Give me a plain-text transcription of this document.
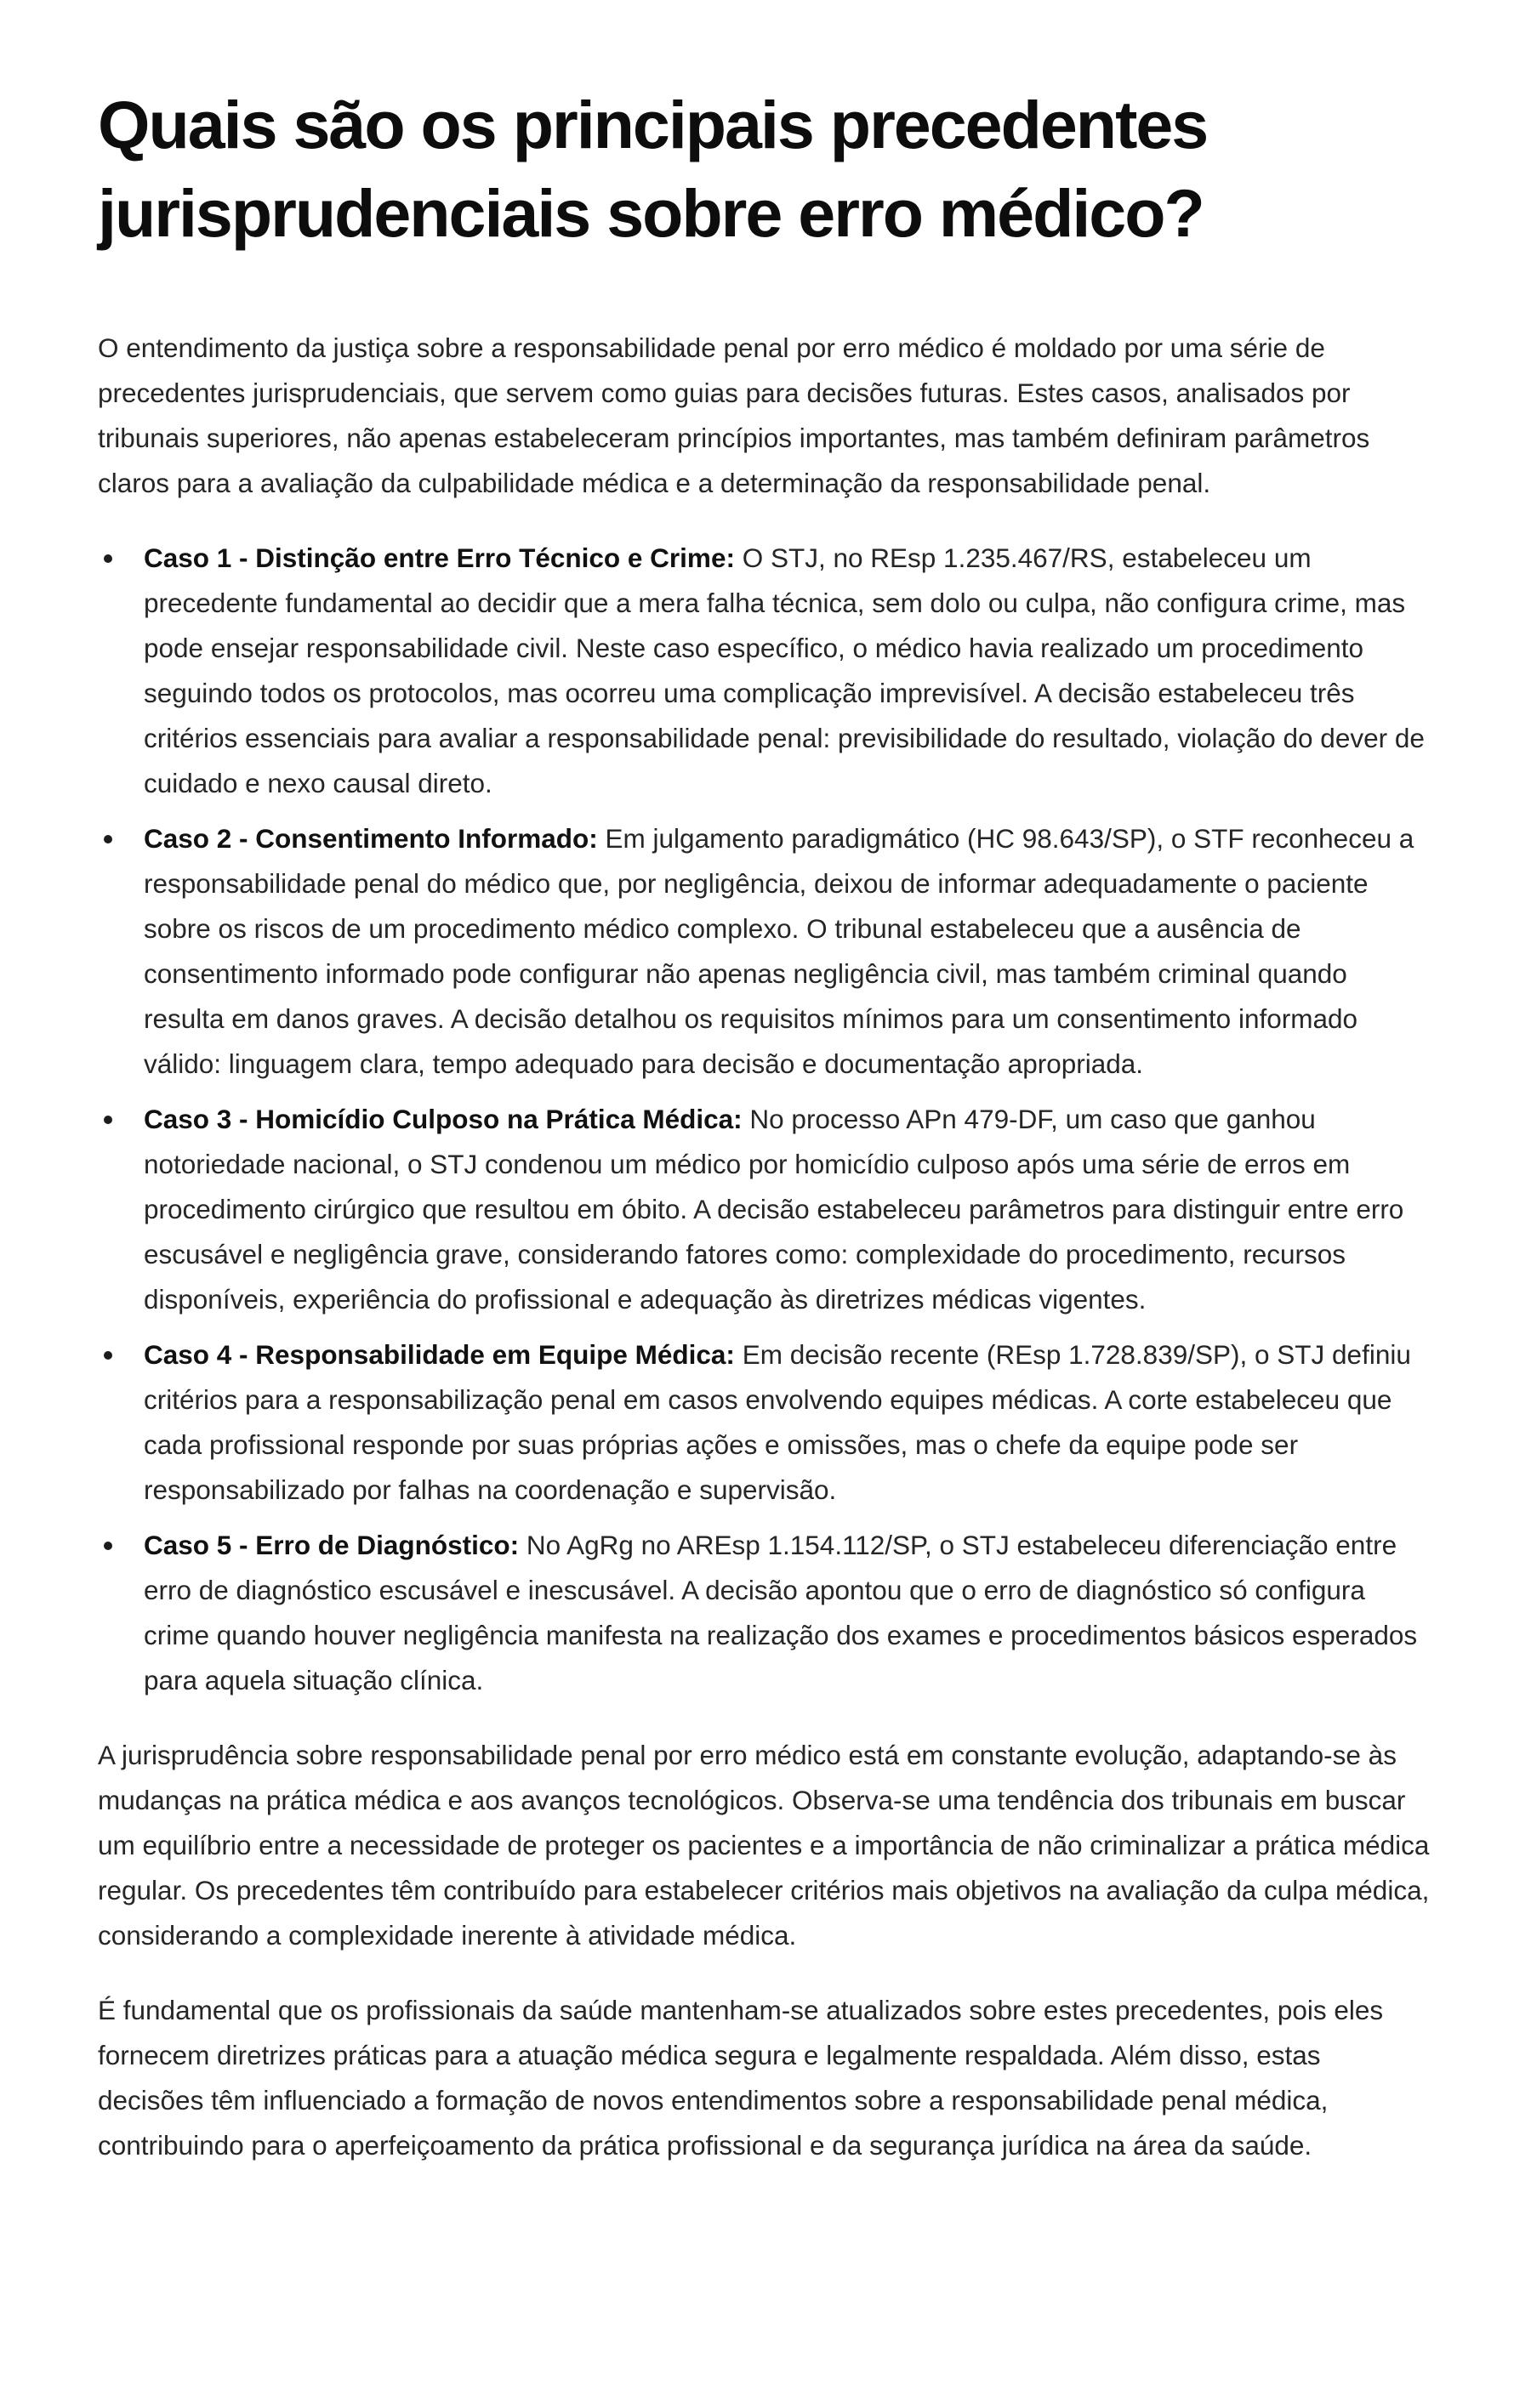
Quais são os principais precedentes jurisprudenciais sobre erro médico?

O entendimento da justiça sobre a responsabilidade penal por erro médico é moldado por uma série de precedentes jurisprudenciais, que servem como guias para decisões futuras. Estes casos, analisados por tribunais superiores, não apenas estabeleceram princípios importantes, mas também definiram parâmetros claros para a avaliação da culpabilidade médica e a determinação da responsabilidade penal.

Caso 1 - Distinção entre Erro Técnico e Crime: O STJ, no REsp 1.235.467/RS, estabeleceu um precedente fundamental ao decidir que a mera falha técnica, sem dolo ou culpa, não configura crime, mas pode ensejar responsabilidade civil. Neste caso específico, o médico havia realizado um procedimento seguindo todos os protocolos, mas ocorreu uma complicação imprevisível. A decisão estabeleceu três critérios essenciais para avaliar a responsabilidade penal: previsibilidade do resultado, violação do dever de cuidado e nexo causal direto.
Caso 2 - Consentimento Informado: Em julgamento paradigmático (HC 98.643/SP), o STF reconheceu a responsabilidade penal do médico que, por negligência, deixou de informar adequadamente o paciente sobre os riscos de um procedimento médico complexo. O tribunal estabeleceu que a ausência de consentimento informado pode configurar não apenas negligência civil, mas também criminal quando resulta em danos graves. A decisão detalhou os requisitos mínimos para um consentimento informado válido: linguagem clara, tempo adequado para decisão e documentação apropriada.
Caso 3 - Homicídio Culposo na Prática Médica: No processo APn 479-DF, um caso que ganhou notoriedade nacional, o STJ condenou um médico por homicídio culposo após uma série de erros em procedimento cirúrgico que resultou em óbito. A decisão estabeleceu parâmetros para distinguir entre erro escusável e negligência grave, considerando fatores como: complexidade do procedimento, recursos disponíveis, experiência do profissional e adequação às diretrizes médicas vigentes.
Caso 4 - Responsabilidade em Equipe Médica: Em decisão recente (REsp 1.728.839/SP), o STJ definiu critérios para a responsabilização penal em casos envolvendo equipes médicas. A corte estabeleceu que cada profissional responde por suas próprias ações e omissões, mas o chefe da equipe pode ser responsabilizado por falhas na coordenação e supervisão.
Caso 5 - Erro de Diagnóstico: No AgRg no AREsp 1.154.112/SP, o STJ estabeleceu diferenciação entre erro de diagnóstico escusável e inescusável. A decisão apontou que o erro de diagnóstico só configura crime quando houver negligência manifesta na realização dos exames e procedimentos básicos esperados para aquela situação clínica.

A jurisprudência sobre responsabilidade penal por erro médico está em constante evolução, adaptando-se às mudanças na prática médica e aos avanços tecnológicos. Observa-se uma tendência dos tribunais em buscar um equilíbrio entre a necessidade de proteger os pacientes e a importância de não criminalizar a prática médica regular. Os precedentes têm contribuído para estabelecer critérios mais objetivos na avaliação da culpa médica, considerando a complexidade inerente à atividade médica.

É fundamental que os profissionais da saúde mantenham-se atualizados sobre estes precedentes, pois eles fornecem diretrizes práticas para a atuação médica segura e legalmente respaldada. Além disso, estas decisões têm influenciado a formação de novos entendimentos sobre a responsabilidade penal médica, contribuindo para o aperfeiçoamento da prática profissional e da segurança jurídica na área da saúde.
